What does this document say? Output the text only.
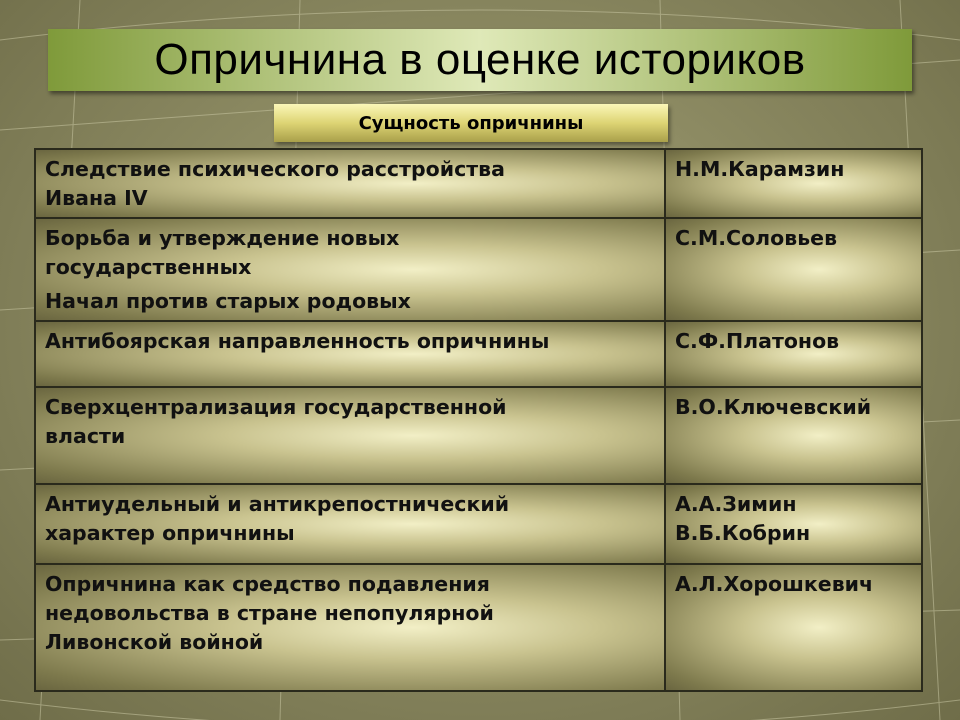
Опричнина в оценке историков
Сущность опричнины
Следствие психического расстройства
Ивана IV	Н.М.Карамзин

Борьба и утверждение новых
государственных
Начал против старых родовых	С.М.Соловьев

Антибоярская направленность опричнины	С.Ф.Платонов

Сверхцентрализация государственной
власти	В.О.Ключевский

Антиудельный и антикрепостнический
характер опричнины	А.А.Зимин
В.Б.Кобрин

Опричнина как средство подавления
недовольства в стране непопулярной
Ливонской войной	А.Л.Хорошкевич
